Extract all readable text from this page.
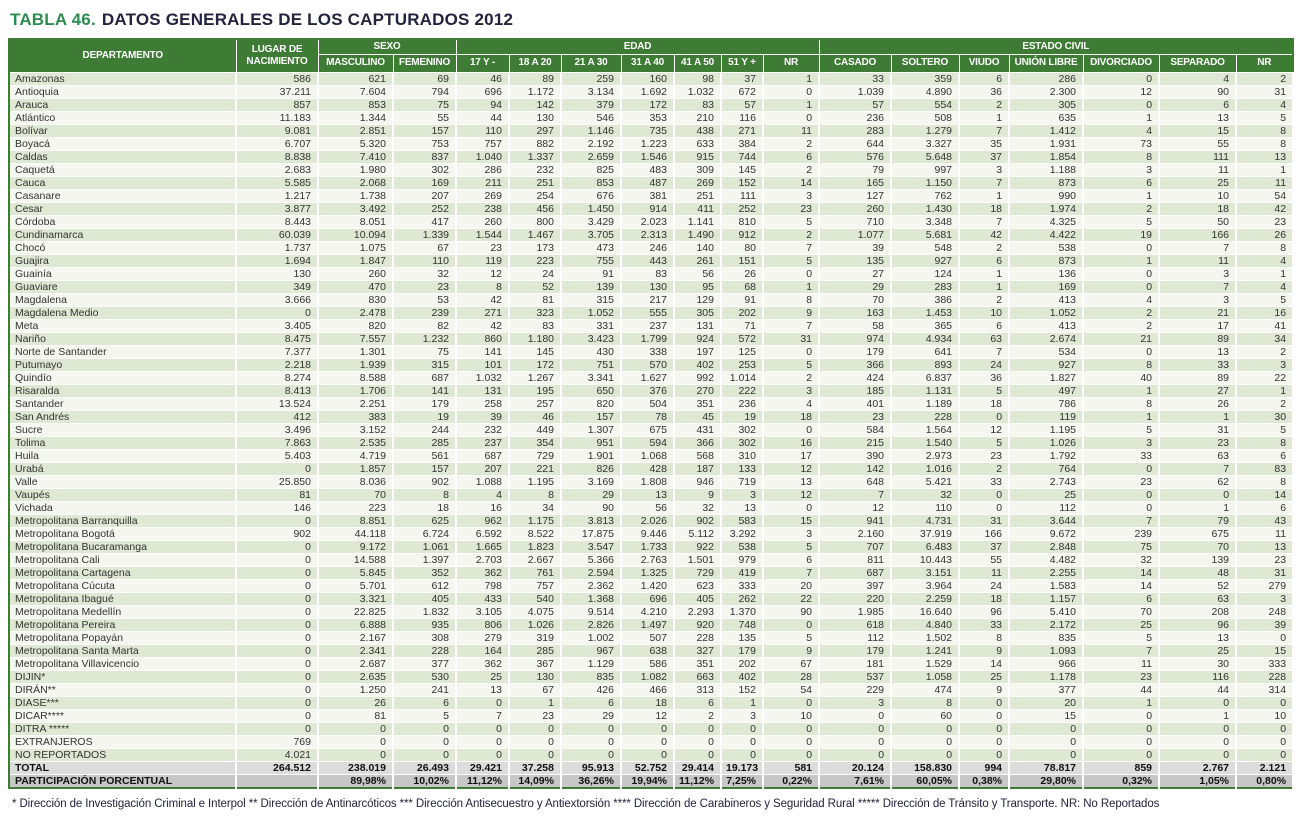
TABLA 46. DATOS GENERALES DE LOS CAPTURADOS 2012
DEPARTAMENTO	LUGAR DE NACIMIENTO	SEXO		EDAD							ESTADO CIVIL						
		MASCULINO	FEMENINO	17 Y -	18 A 20	21 A 30	31 A 40	41 A 50	51 Y +	NR	CASADO	SOLTERO	VIUDO	UNIÓN LIBRE	DIVORCIADO	SEPARADO	NR
Amazonas	586	621	69	46	89	259	160	98	37	1	33	359	6	286	0	4	2
Antioquia	37.211	7.604	794	696	1.172	3.134	1.692	1.032	672	0	1.039	4.890	36	2.300	12	90	31
Arauca	857	853	75	94	142	379	172	83	57	1	57	554	2	305	0	6	4
Atlántico	11.183	1.344	55	44	130	546	353	210	116	0	236	508	1	635	1	13	5
Bolívar	9.081	2.851	157	110	297	1.146	735	438	271	11	283	1.279	7	1.412	4	15	8
Boyacá	6.707	5.320	753	757	882	2.192	1.223	633	384	2	644	3.327	35	1.931	73	55	8
Caldas	8.838	7.410	837	1.040	1.337	2.659	1.546	915	744	6	576	5.648	37	1.854	8	111	13
Caquetá	2.683	1.980	302	286	232	825	483	309	145	2	79	997	3	1.188	3	11	1
Cauca	5.585	2.068	169	211	251	853	487	269	152	14	165	1.150	7	873	6	25	11
Casanare	1.217	1.738	207	269	254	676	381	251	111	3	127	762	1	990	1	10	54
Cesar	3.877	3.492	252	238	456	1.450	914	411	252	23	260	1.430	18	1.974	2	18	42
Córdoba	8.443	8.051	417	260	800	3.429	2.023	1.141	810	5	710	3.348	7	4.325	5	50	23
Cundinamarca	60.039	10.094	1.339	1.544	1.467	3.705	2.313	1.490	912	2	1.077	5.681	42	4.422	19	166	26
Chocó	1.737	1.075	67	23	173	473	246	140	80	7	39	548	2	538	0	7	8
Guajira	1.694	1.847	110	119	223	755	443	261	151	5	135	927	6	873	1	11	4
Guainía	130	260	32	12	24	91	83	56	26	0	27	124	1	136	0	3	1
Guaviare	349	470	23	8	52	139	130	95	68	1	29	283	1	169	0	7	4
Magdalena	3.666	830	53	42	81	315	217	129	91	8	70	386	2	413	4	3	5
Magdalena Medio	0	2.478	239	271	323	1.052	555	305	202	9	163	1.453	10	1.052	2	21	16
Meta	3.405	820	82	42	83	331	237	131	71	7	58	365	6	413	2	17	41
Nariño	8.475	7.557	1.232	860	1.180	3.423	1.799	924	572	31	974	4.934	63	2.674	21	89	34
Norte de Santander	7.377	1.301	75	141	145	430	338	197	125	0	179	641	7	534	0	13	2
Putumayo	2.218	1.939	315	101	172	751	570	402	253	5	366	893	24	927	8	33	3
Quindío	8.274	8.588	687	1.032	1.267	3.341	1.627	992	1.014	2	424	6.837	36	1.827	40	89	22
Risaralda	8.413	1.706	141	131	195	650	376	270	222	3	185	1.131	5	497	1	27	1
Santander	13.524	2.251	179	258	257	820	504	351	236	4	401	1.189	18	786	8	26	2
San Andrés	412	383	19	39	46	157	78	45	19	18	23	228	0	119	1	1	30
Sucre	3.496	3.152	244	232	449	1.307	675	431	302	0	584	1.564	12	1.195	5	31	5
Tolima	7.863	2.535	285	237	354	951	594	366	302	16	215	1.540	5	1.026	3	23	8
Huila	5.403	4.719	561	687	729	1.901	1.068	568	310	17	390	2.973	23	1.792	33	63	6
Urabá	0	1.857	157	207	221	826	428	187	133	12	142	1.016	2	764	0	7	83
Valle	25.850	8.036	902	1.088	1.195	3.169	1.808	946	719	13	648	5.421	33	2.743	23	62	8
Vaupés	81	70	8	4	8	29	13	9	3	12	7	32	0	25	0	0	14
Vichada	146	223	18	16	34	90	56	32	13	0	12	110	0	112	0	1	6
Metropolitana Barranquilla	0	8.851	625	962	1.175	3.813	2.026	902	583	15	941	4.731	31	3.644	7	79	43
Metropolitana Bogotá	902	44.118	6.724	6.592	8.522	17.875	9.446	5.112	3.292	3	2.160	37.919	166	9.672	239	675	11
Metropolitana Bucaramanga	0	9.172	1.061	1.665	1.823	3.547	1.733	922	538	5	707	6.483	37	2.848	75	70	13
Metropolitana Cali	0	14.588	1.397	2.703	2.667	5.366	2.763	1.501	979	6	811	10.443	55	4.482	32	139	23
Metropolitana Cartagena	0	5.845	352	362	761	2.594	1.325	729	419	7	687	3.151	11	2.255	14	48	31
Metropolitana Cúcuta	0	5.701	612	798	757	2.362	1.420	623	333	20	397	3.964	24	1.583	14	52	279
Metropolitana Ibagué	0	3.321	405	433	540	1.368	696	405	262	22	220	2.259	18	1.157	6	63	3
Metropolitana Medellín	0	22.825	1.832	3.105	4.075	9.514	4.210	2.293	1.370	90	1.985	16.640	96	5.410	70	208	248
Metropolitana Pereira	0	6.888	935	806	1.026	2.826	1.497	920	748	0	618	4.840	33	2.172	25	96	39
Metropolitana Popayán	0	2.167	308	279	319	1.002	507	228	135	5	112	1.502	8	835	5	13	0
Metropolitana Santa Marta	0	2.341	228	164	285	967	638	327	179	9	179	1.241	9	1.093	7	25	15
Metropolitana Villavicencio	0	2.687	377	362	367	1.129	586	351	202	67	181	1.529	14	966	11	30	333
DIJIN*	0	2.635	530	25	130	835	1.082	663	402	28	537	1.058	25	1.178	23	116	228
DIRÁN**	0	1.250	241	13	67	426	466	313	152	54	229	474	9	377	44	44	314
DIASE***	0	26	6	0	1	6	18	6	1	0	3	8	0	20	1	0	0
DICAR****	0	81	5	7	23	29	12	2	3	10	0	60	0	15	0	1	10
DITRA *****	0	0	0	0	0	0	0	0	0	0	0	0	0	0	0	0	0
EXTRANJEROS	769	0	0	0	0	0	0	0	0	0	0	0	0	0	0	0	0
NO REPORTADOS	4.021	0	0	0	0	0	0	0	0	0	0	0	0	0	0	0	0
TOTAL	264.512	238.019	26.493	29.421	37.258	95.913	52.752	29.414	19.173	581	20.124	158.830	994	78.817	859	2.767	2.121
PARTICIPACIÓN PORCENTUAL		89,98%	10,02%	11,12%	14,09%	36,26%	19,94%	11,12%	7,25%	0,22%	7,61%	60,05%	0,38%	29,80%	0,32%	1,05%	0,80%
* Dirección de Investigación Criminal e Interpol ** Dirección de Antinarcóticos *** Dirección Antisecuestro y Antiextorsión **** Dirección de Carabineros y Seguridad Rural ***** Dirección de Tránsito y Transporte. NR: No Reportados
